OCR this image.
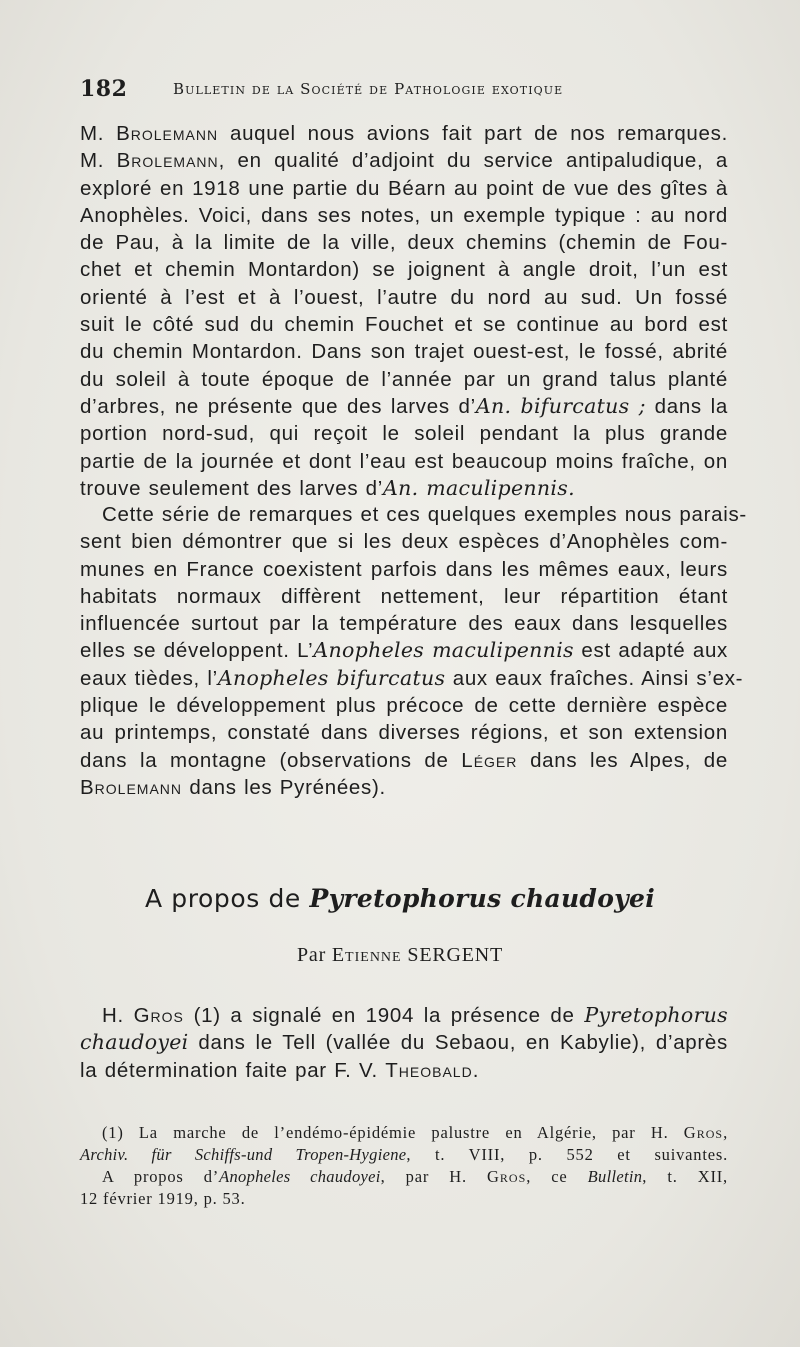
182	Bulletin de la Société de Pathologie exotique
M. Brolemann auquel nous avions fait part de nos remarques.
M. Brolemann, en qualité d’adjoint du service antipaludique, a
exploré en 1918 une partie du Béarn au point de vue des gîtes à
Anophèles. Voici, dans ses notes, un exemple typique : au nord
de Pau, à la limite de la ville, deux chemins (chemin de Fou-
chet et chemin Montardon) se joignent à angle droit, l’un est
orienté à l’est et à l’ouest, l’autre du nord au sud. Un fossé
suit le côté sud du chemin Fouchet et se continue au bord est
du chemin Montardon. Dans son trajet ouest-est, le fossé, abrité
du soleil à toute époque de l’année par un grand talus planté
d’arbres, ne présente que des larves d’An. bifurcatus ; dans la
portion nord-sud, qui reçoit le soleil pendant la plus grande
partie de la journée et dont l’eau est beaucoup moins fraîche, on
trouve seulement des larves d’An. maculipennis.
Cette série de remarques et ces quelques exemples nous parais-
sent bien démontrer que si les deux espèces d’Anophèles com-
munes en France coexistent parfois dans les mêmes eaux, leurs
habitats normaux diffèrent nettement, leur répartition étant
influencée surtout par la température des eaux dans lesquelles
elles se développent. L’Anopheles maculipennis est adapté aux
eaux tièdes, l’Anopheles bifurcatus aux eaux fraîches. Ainsi s’ex-
plique le développement plus précoce de cette dernière espèce
au printemps, constaté dans diverses régions, et son extension
dans la montagne (observations de Léger dans les Alpes, de
Brolemann dans les Pyrénées).
A propos de Pyretophorus chaudoyei
Par Etienne SERGENT
H. Gros (1) a signalé en 1904 la présence de Pyretophorus
chaudoyei dans le Tell (vallée du Sebaou, en Kabylie), d’après
la détermination faite par F. V. Theobald.
(1) La marche de l’endémo-épidémie palustre en Algérie, par H. Gros,
Archiv. für Schiffs-und Tropen-Hygiene, t. VIII, p. 552 et suivantes.
A propos d’Anopheles chaudoyei, par H. Gros, ce Bulletin, t. XII,
12 février 1919, p. 53.
